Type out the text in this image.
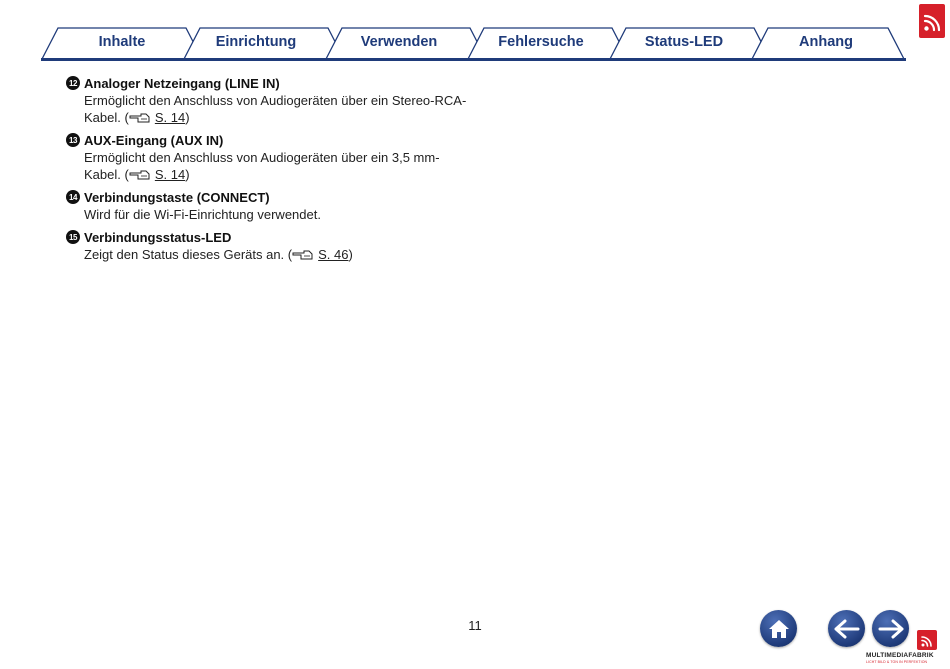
Inhalte	Einrichtung	Verwenden	Fehlersuche	Status-LED	Anhang
12 Analoger Netzeingang (LINE IN)
Ermöglicht den Anschluss von Audiogeräten über ein Stereo-RCA-
Kabel. ( S. 14)
13 AUX-Eingang (AUX IN)
Ermöglicht den Anschluss von Audiogeräten über ein 3,5 mm-
Kabel. ( S. 14)
14 Verbindungstaste (CONNECT)
Wird für die Wi-Fi-Einrichtung verwendet.
15 Verbindungsstatus-LED
Zeigt den Status dieses Geräts an. ( S. 46)
11
MULTIMEDIAFABRIK
LICHT BILD & TON IN PERFEKTION
